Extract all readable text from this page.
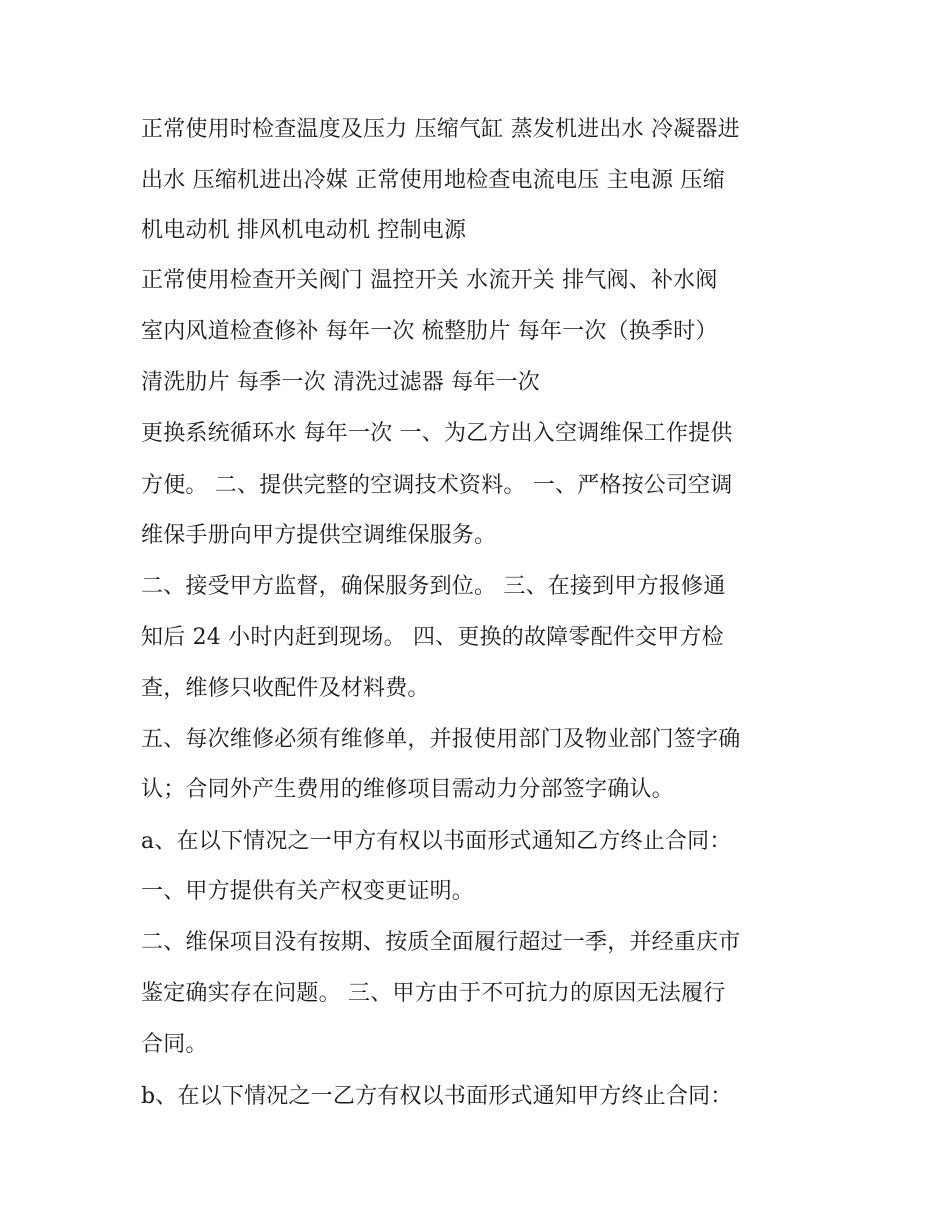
正常使用时检查温度及压力 压缩气缸 蒸发机进出水 冷凝器进
出水 压缩机进出冷媒 正常使用地检查电流电压 主电源 压缩
机电动机 排风机电动机 控制电源
正常使用检查开关阀门 温控开关 水流开关 排气阀、补水阀
室内风道检查修补 每年一次 梳整肋片 每年一次（换季时）
清洗肋片 每季一次 清洗过滤器 每年一次
更换系统循环水 每年一次 一、为乙方出入空调维保工作提供
方便。 二、提供完整的空调技术资料。 一、严格按公司空调
维保手册向甲方提供空调维保服务。
二、接受甲方监督，确保服务到位。 三、在接到甲方报修通
知后 24 小时内赶到现场。 四、更换的故障零配件交甲方检
查，维修只收配件及材料费。
五、每次维修必须有维修单，并报使用部门及物业部门签字确
认；合同外产生费用的维修项目需动力分部签字确认。
a、在以下情况之一甲方有权以书面形式通知乙方终止合同：
一、甲方提供有关产权变更证明。
二、维保项目没有按期、按质全面履行超过一季，并经重庆市
鉴定确实存在问题。 三、甲方由于不可抗力的原因无法履行
合同。
b、在以下情况之一乙方有权以书面形式通知甲方终止合同：
